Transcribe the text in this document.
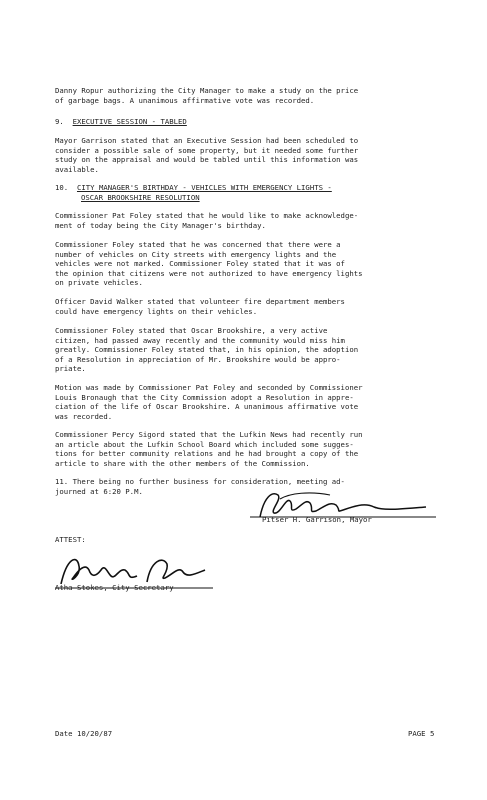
Danny Ropur authorizing the City Manager to make a study on the price
of garbage bags. A unanimous affirmative vote was recorded.

9. EXECUTIVE SESSION - TABLED

Mayor Garrison stated that an Executive Session had been scheduled to
consider a possible sale of some property, but it needed some further
study on the appraisal and would be tabled until this information was
available.

10. CITY MANAGER'S BIRTHDAY - VEHICLES WITH EMERGENCY LIGHTS -
OSCAR BROOKSHIRE RESOLUTION

Commissioner Pat Foley stated that he would like to make acknowledge-
ment of today being the City Manager's birthday.

Commissioner Foley stated that he was concerned that there were a
number of vehicles on City streets with emergency lights and the
vehicles were not marked. Commissioner Foley stated that it was of
the opinion that citizens were not authorized to have emergency lights
on private vehicles.

Officer David Walker stated that volunteer fire department members
could have emergency lights on their vehicles.

Commissioner Foley stated that Oscar Brookshire, a very active
citizen, had passed away recently and the community would miss him
greatly. Commissioner Foley stated that, in his opinion, the adoption
of a Resolution in appreciation of Mr. Brookshire would be appro-
priate.

Motion was made by Commissioner Pat Foley and seconded by Commissioner
Louis Bronaugh that the City Commission adopt a Resolution in appre-
ciation of the life of Oscar Brookshire. A unanimous affirmative vote
was recorded.

Commissioner Percy Sigord stated that the Lufkin News had recently run
an article about the Lufkin School Board which included some sugges-
tions for better community relations and he had brought a copy of the
article to share with the other members of the Commission.

11. There being no further business for consideration, meeting ad-
journed at 6:20 P.M.

Pitser H. Garrison, Mayor
ATTEST:
Atha Stokes, City Secretary
Date 10/20/87	PAGE 5
